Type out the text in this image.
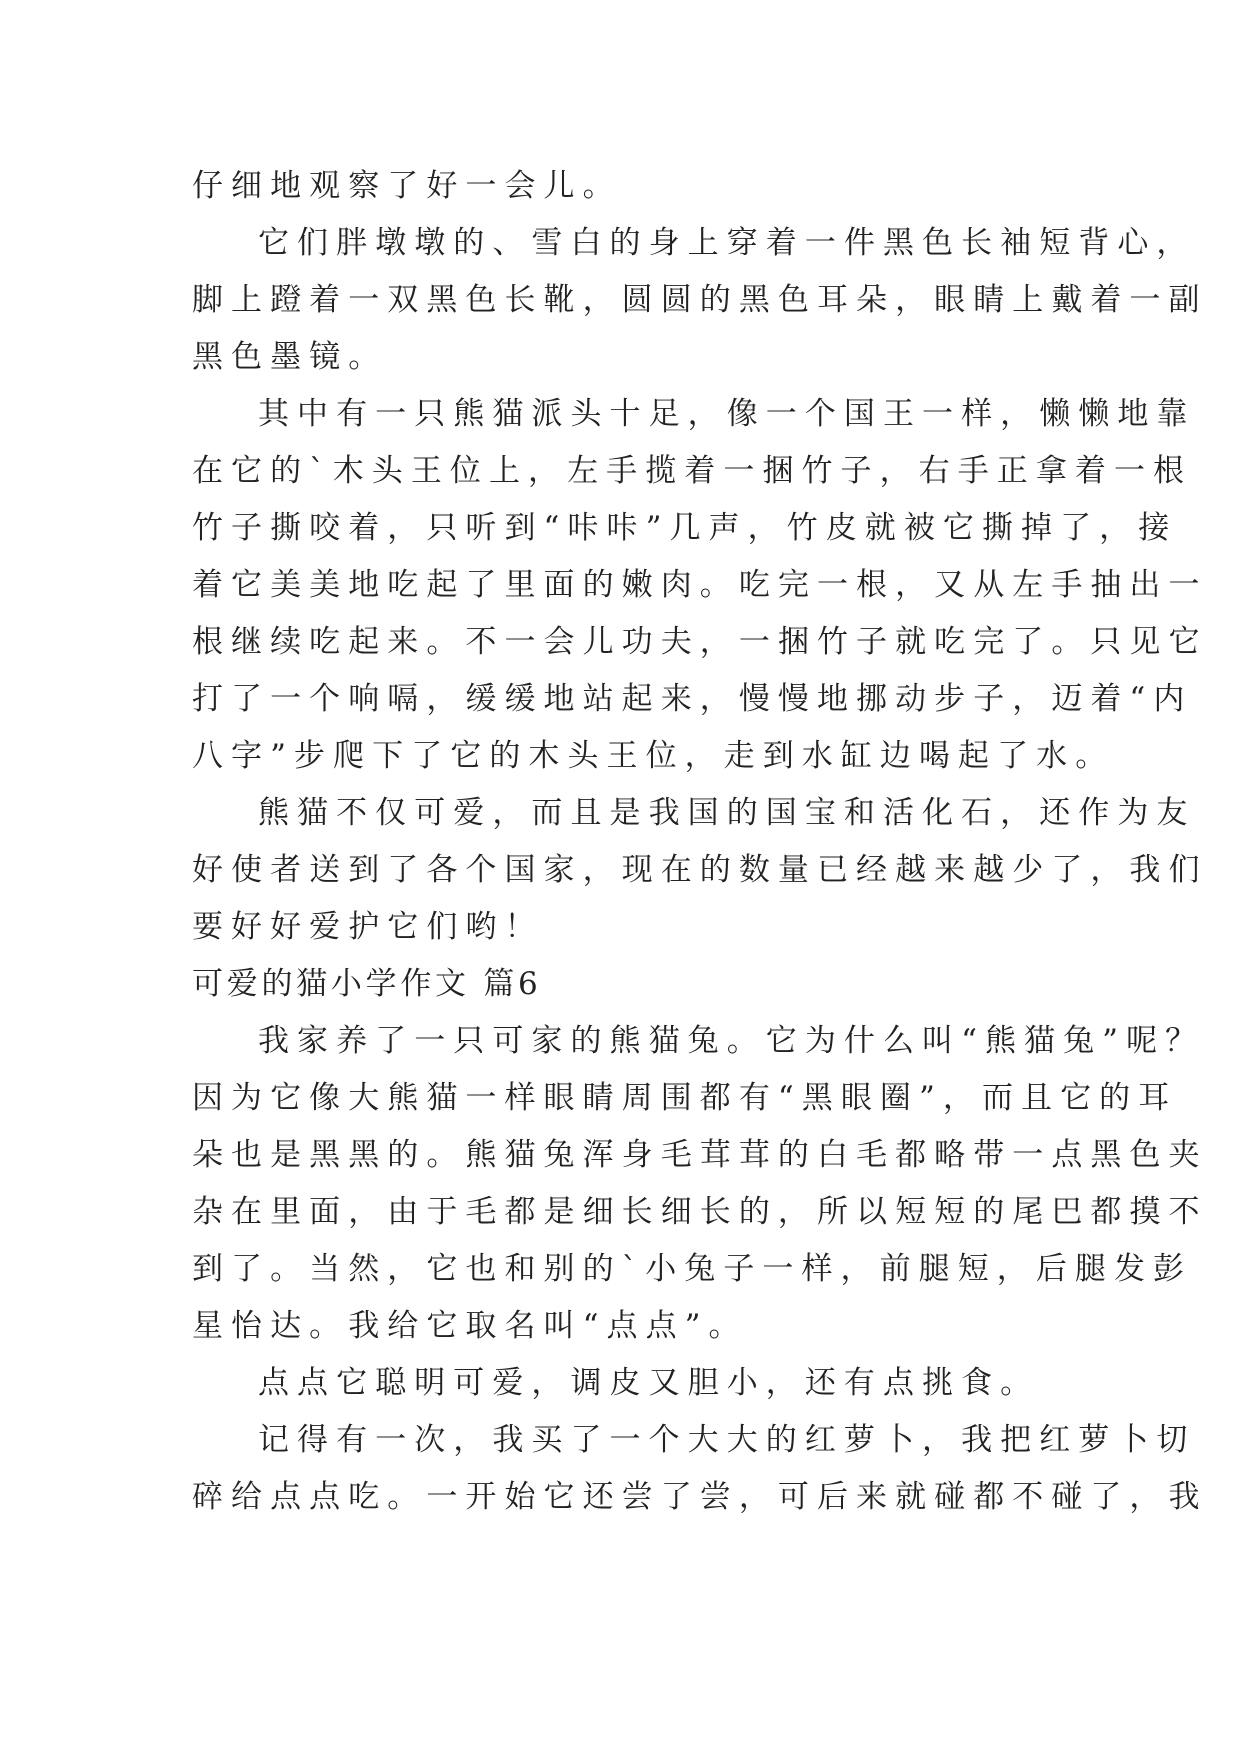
仔细地观察了好一会儿。
它们胖墩墩的、雪白的身上穿着一件黑色长袖短背心，
脚上蹬着一双黑色长靴，圆圆的黑色耳朵，眼睛上戴着一副
黑色墨镜。
其中有一只熊猫派头十足，像一个国王一样，懒懒地靠
在它的`木头王位上，左手揽着一捆竹子，右手正拿着一根
竹子撕咬着，只听到“咔咔”几声，竹皮就被它撕掉了，接
着它美美地吃起了里面的嫩肉。吃完一根，又从左手抽出一
根继续吃起来。不一会儿功夫，一捆竹子就吃完了。只见它
打了一个响嗝，缓缓地站起来，慢慢地挪动步子，迈着“内
八字”步爬下了它的木头王位，走到水缸边喝起了水。
熊猫不仅可爱，而且是我国的国宝和活化石，还作为友
好使者送到了各个国家，现在的数量已经越来越少了，我们
要好好爱护它们哟！
可爱的猫小学作文 篇6
我家养了一只可家的熊猫兔。它为什么叫“熊猫兔”呢？
因为它像大熊猫一样眼睛周围都有“黑眼圈”，而且它的耳
朵也是黑黑的。熊猫兔浑身毛茸茸的白毛都略带一点黑色夹
杂在里面，由于毛都是细长细长的，所以短短的尾巴都摸不
到了。当然，它也和别的`小兔子一样，前腿短，后腿发彭
星怡达。我给它取名叫“点点”。
点点它聪明可爱，调皮又胆小，还有点挑食。
记得有一次，我买了一个大大的红萝卜，我把红萝卜切
碎给点点吃。一开始它还尝了尝，可后来就碰都不碰了，我
